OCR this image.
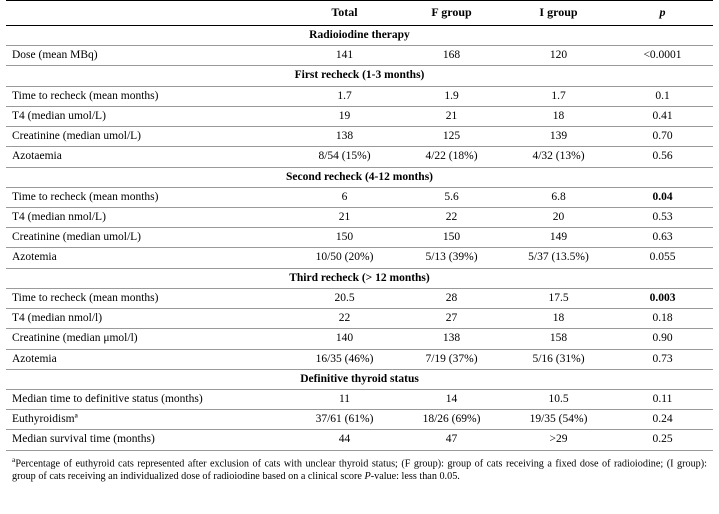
	Total	F group	I group	p
Radioiodine therapy				
Dose (mean MBq)	141	168	120	<0.0001
First recheck (1-3 months)				
Time to recheck (mean months)	1.7	1.9	1.7	0.1
T4 (median umol/L)	19	21	18	0.41
Creatinine (median umol/L)	138	125	139	0.70
Azotaemia	8/54 (15%)	4/22 (18%)	4/32 (13%)	0.56
Second recheck (4-12 months)				
Time to recheck (mean months)	6	5.6	6.8	0.04
T4 (median nmol/L)	21	22	20	0.53
Creatinine (median umol/L)	150	150	149	0.63
Azotemia	10/50 (20%)	5/13 (39%)	5/37 (13.5%)	0.055
Third recheck (> 12 months)				
Time to recheck (mean months)	20.5	28	17.5	0.003
T4 (median nmol/l)	22	27	18	0.18
Creatinine (median μmol/l)	140	138	158	0.90
Azotemia	16/35 (46%)	7/19 (37%)	5/16 (31%)	0.73
Definitive thyroid status				
Median time to definitive status (months)	11	14	10.5	0.11
Euthyroidismª	37/61 (61%)	18/26 (69%)	19/35 (54%)	0.24
Median survival time (months)	44	47	>29	0.25
$^a$Percentage of euthyroid cats represented after exclusion of cats with unclear thyroid status; (F group): group of cats receiving a fixed dose of radioiodine; (I group): group of cats receiving an individualized dose of radioiodine based on a clinical score P-value: less than 0.05.
